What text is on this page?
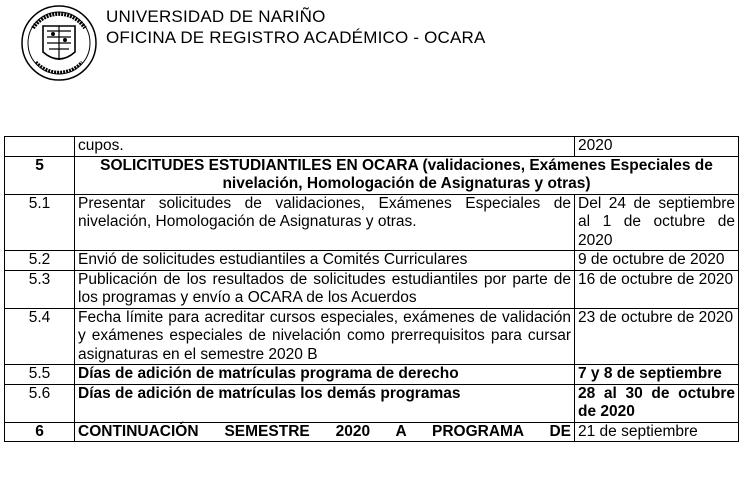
UNIVERSIDAD DE NARIÑO
OFICINA DE REGISTRO ACADÉMICO - OCARA
	cupos.	2020
5	SOLICITUDES ESTUDIANTILES EN OCARA (validaciones, Exámenes Especiales de nivelación, Homologación de Asignaturas y otras)	
5.1	Presentar solicitudes de validaciones, Exámenes Especiales de nivelación, Homologación de Asignaturas y otras.	Del 24 de septiembre al 1 de octubre de 2020
5.2	Envió de solicitudes estudiantiles a Comités Curriculares	9 de octubre de 2020
5.3	Publicación de los resultados de solicitudes estudiantiles por parte de los programas y envío a OCARA de los Acuerdos	16 de octubre de 2020
5.4	Fecha límite para acreditar cursos especiales, exámenes de validación y exámenes especiales de nivelación como prerrequisitos para cursar asignaturas en el semestre 2020 B	23 de octubre de 2020
5.5	Días de adición de matrículas programa de derecho	7 y 8 de septiembre
5.6	Días de adición de matrículas los demás programas	28 al 30 de octubre de 2020
6	CONTINUACIÓN SEMESTRE 2020 A PROGRAMA DE	21 de septiembre
